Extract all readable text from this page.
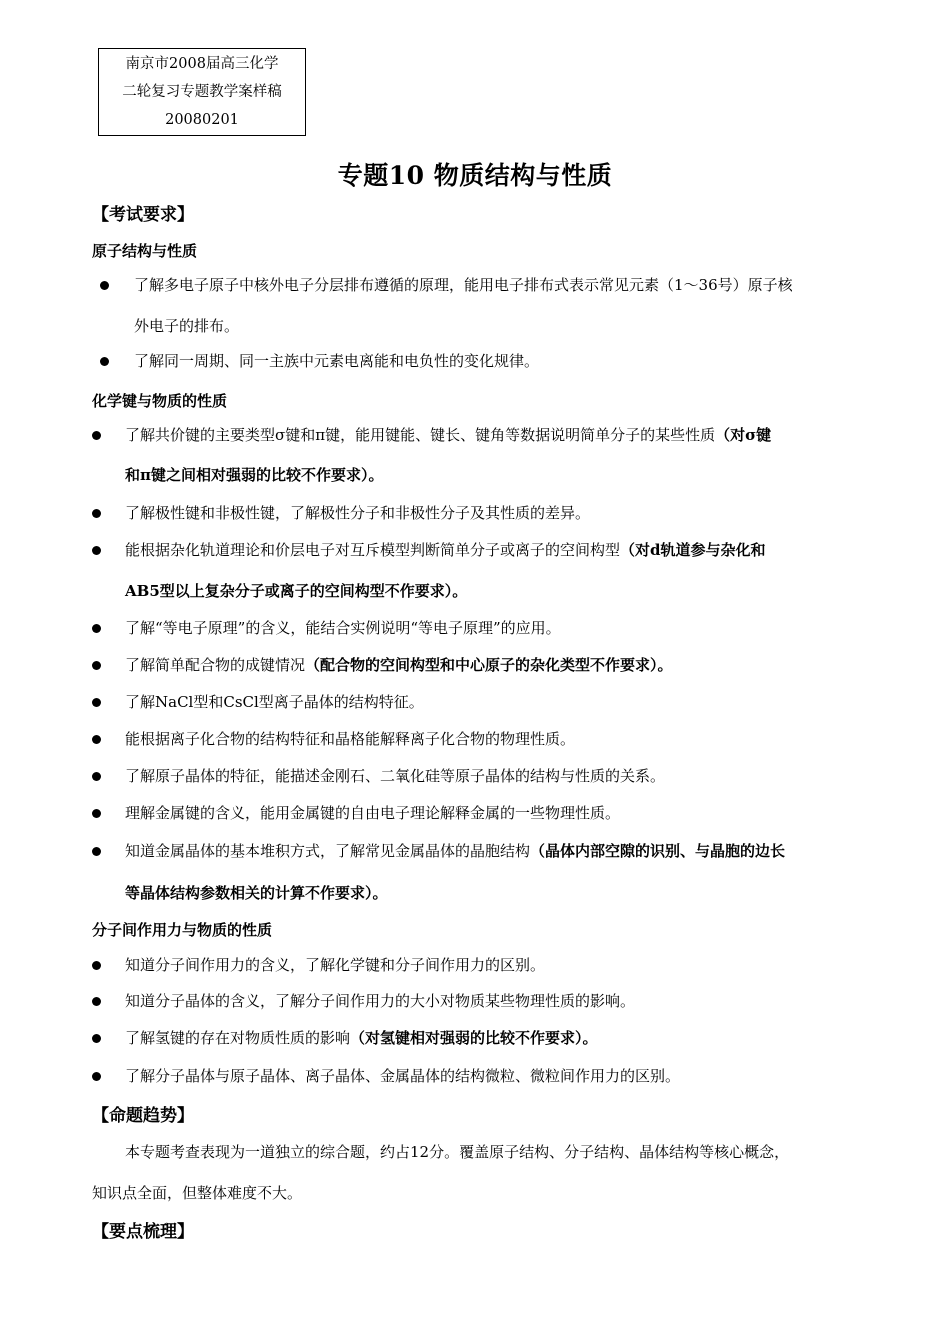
南京市2008届高三化学
二轮复习专题教学案样稿
20080201
专题10 物质结构与性质
【考试要求】
原子结构与性质
了解多电子原子中核外电子分层排布遵循的原理，能用电子排布式表示常见元素（1～36号）原子核
外电子的排布。
了解同一周期、同一主族中元素电离能和电负性的变化规律。
化学键与物质的性质
了解共价键的主要类型σ键和π键，能用键能、键长、键角等数据说明简单分子的某些性质（对σ键
和π键之间相对强弱的比较不作要求）。
了解极性键和非极性键，了解极性分子和非极性分子及其性质的差异。
能根据杂化轨道理论和价层电子对互斥模型判断简单分子或离子的空间构型（对d轨道参与杂化和
AB5型以上复杂分子或离子的空间构型不作要求）。
了解“等电子原理”的含义，能结合实例说明“等电子原理”的应用。
了解简单配合物的成键情况（配合物的空间构型和中心原子的杂化类型不作要求）。
了解NaCl型和CsCl型离子晶体的结构特征。
能根据离子化合物的结构特征和晶格能解释离子化合物的物理性质。
了解原子晶体的特征，能描述金刚石、二氧化硅等原子晶体的结构与性质的关系。
理解金属键的含义，能用金属键的自由电子理论解释金属的一些物理性质。
知道金属晶体的基本堆积方式，了解常见金属晶体的晶胞结构（晶体内部空隙的识别、与晶胞的边长
等晶体结构参数相关的计算不作要求）。
分子间作用力与物质的性质
知道分子间作用力的含义，了解化学键和分子间作用力的区别。
知道分子晶体的含义，了解分子间作用力的大小对物质某些物理性质的影响。
了解氢键的存在对物质性质的影响（对氢键相对强弱的比较不作要求）。
了解分子晶体与原子晶体、离子晶体、金属晶体的结构微粒、微粒间作用力的区别。
【命题趋势】
本专题考查表现为一道独立的综合题，约占12分。覆盖原子结构、分子结构、晶体结构等核心概念，
知识点全面，但整体难度不大。
【要点梳理】
